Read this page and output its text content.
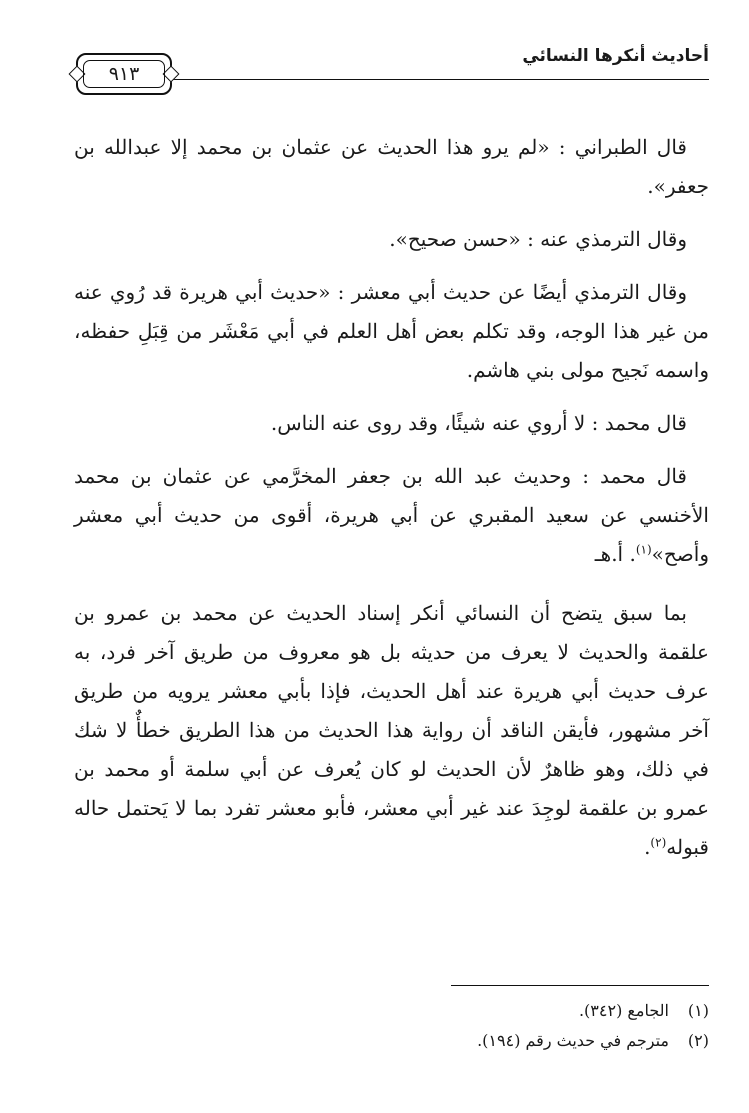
أحاديث أنكرها النسائي
٩١٣

قال الطبراني : «لم يرو هذا الحديث عن عثمان بن محمد إلا عبدالله بن جعفر».

وقال الترمذي عنه : «حسن صحيح».

وقال الترمذي أيضًا عن حديث أبي معشر : «حديث أبي هريرة قد رُوي عنه من غير هذا الوجه، وقد تكلم بعض أهل العلم في أبي مَعْشَر من قِبَلِ حفظه، واسمه نَجيح مولى بني هاشم.

قال محمد : لا أروي عنه شيئًا، وقد روى عنه الناس.

قال محمد : وحديث عبد الله بن جعفر المخرَّمي عن عثمان بن محمد الأخنسي عن سعيد المقبري عن أبي هريرة، أقوى من حديث أبي معشر وأصح»$^{(١)}$. أ.هـ

بما سبق يتضح أن النسائي أنكر إسناد الحديث عن محمد بن عمرو بن علقمة والحديث لا يعرف من حديثه بل هو معروف من طريق آخر فرد، به عرف حديث أبي هريرة عند أهل الحديث، فإذا بأبي معشر يرويه من طريق آخر مشهور، فأيقن الناقد أن رواية هذا الحديث من هذا الطريق خطأٌ لا شك في ذلك، وهو ظاهرٌ لأن الحديث لو كان يُعرف عن أبي سلمة أو محمد بن عمرو بن علقمة لوجِدَ عند غير أبي معشر، فأبو معشر تفرد بما لا يَحتمل حاله قبوله$^{(٢)}$.

(١)
الجامع (٣٤٢).
(٢)
مترجم في حديث رقم (١٩٤).
